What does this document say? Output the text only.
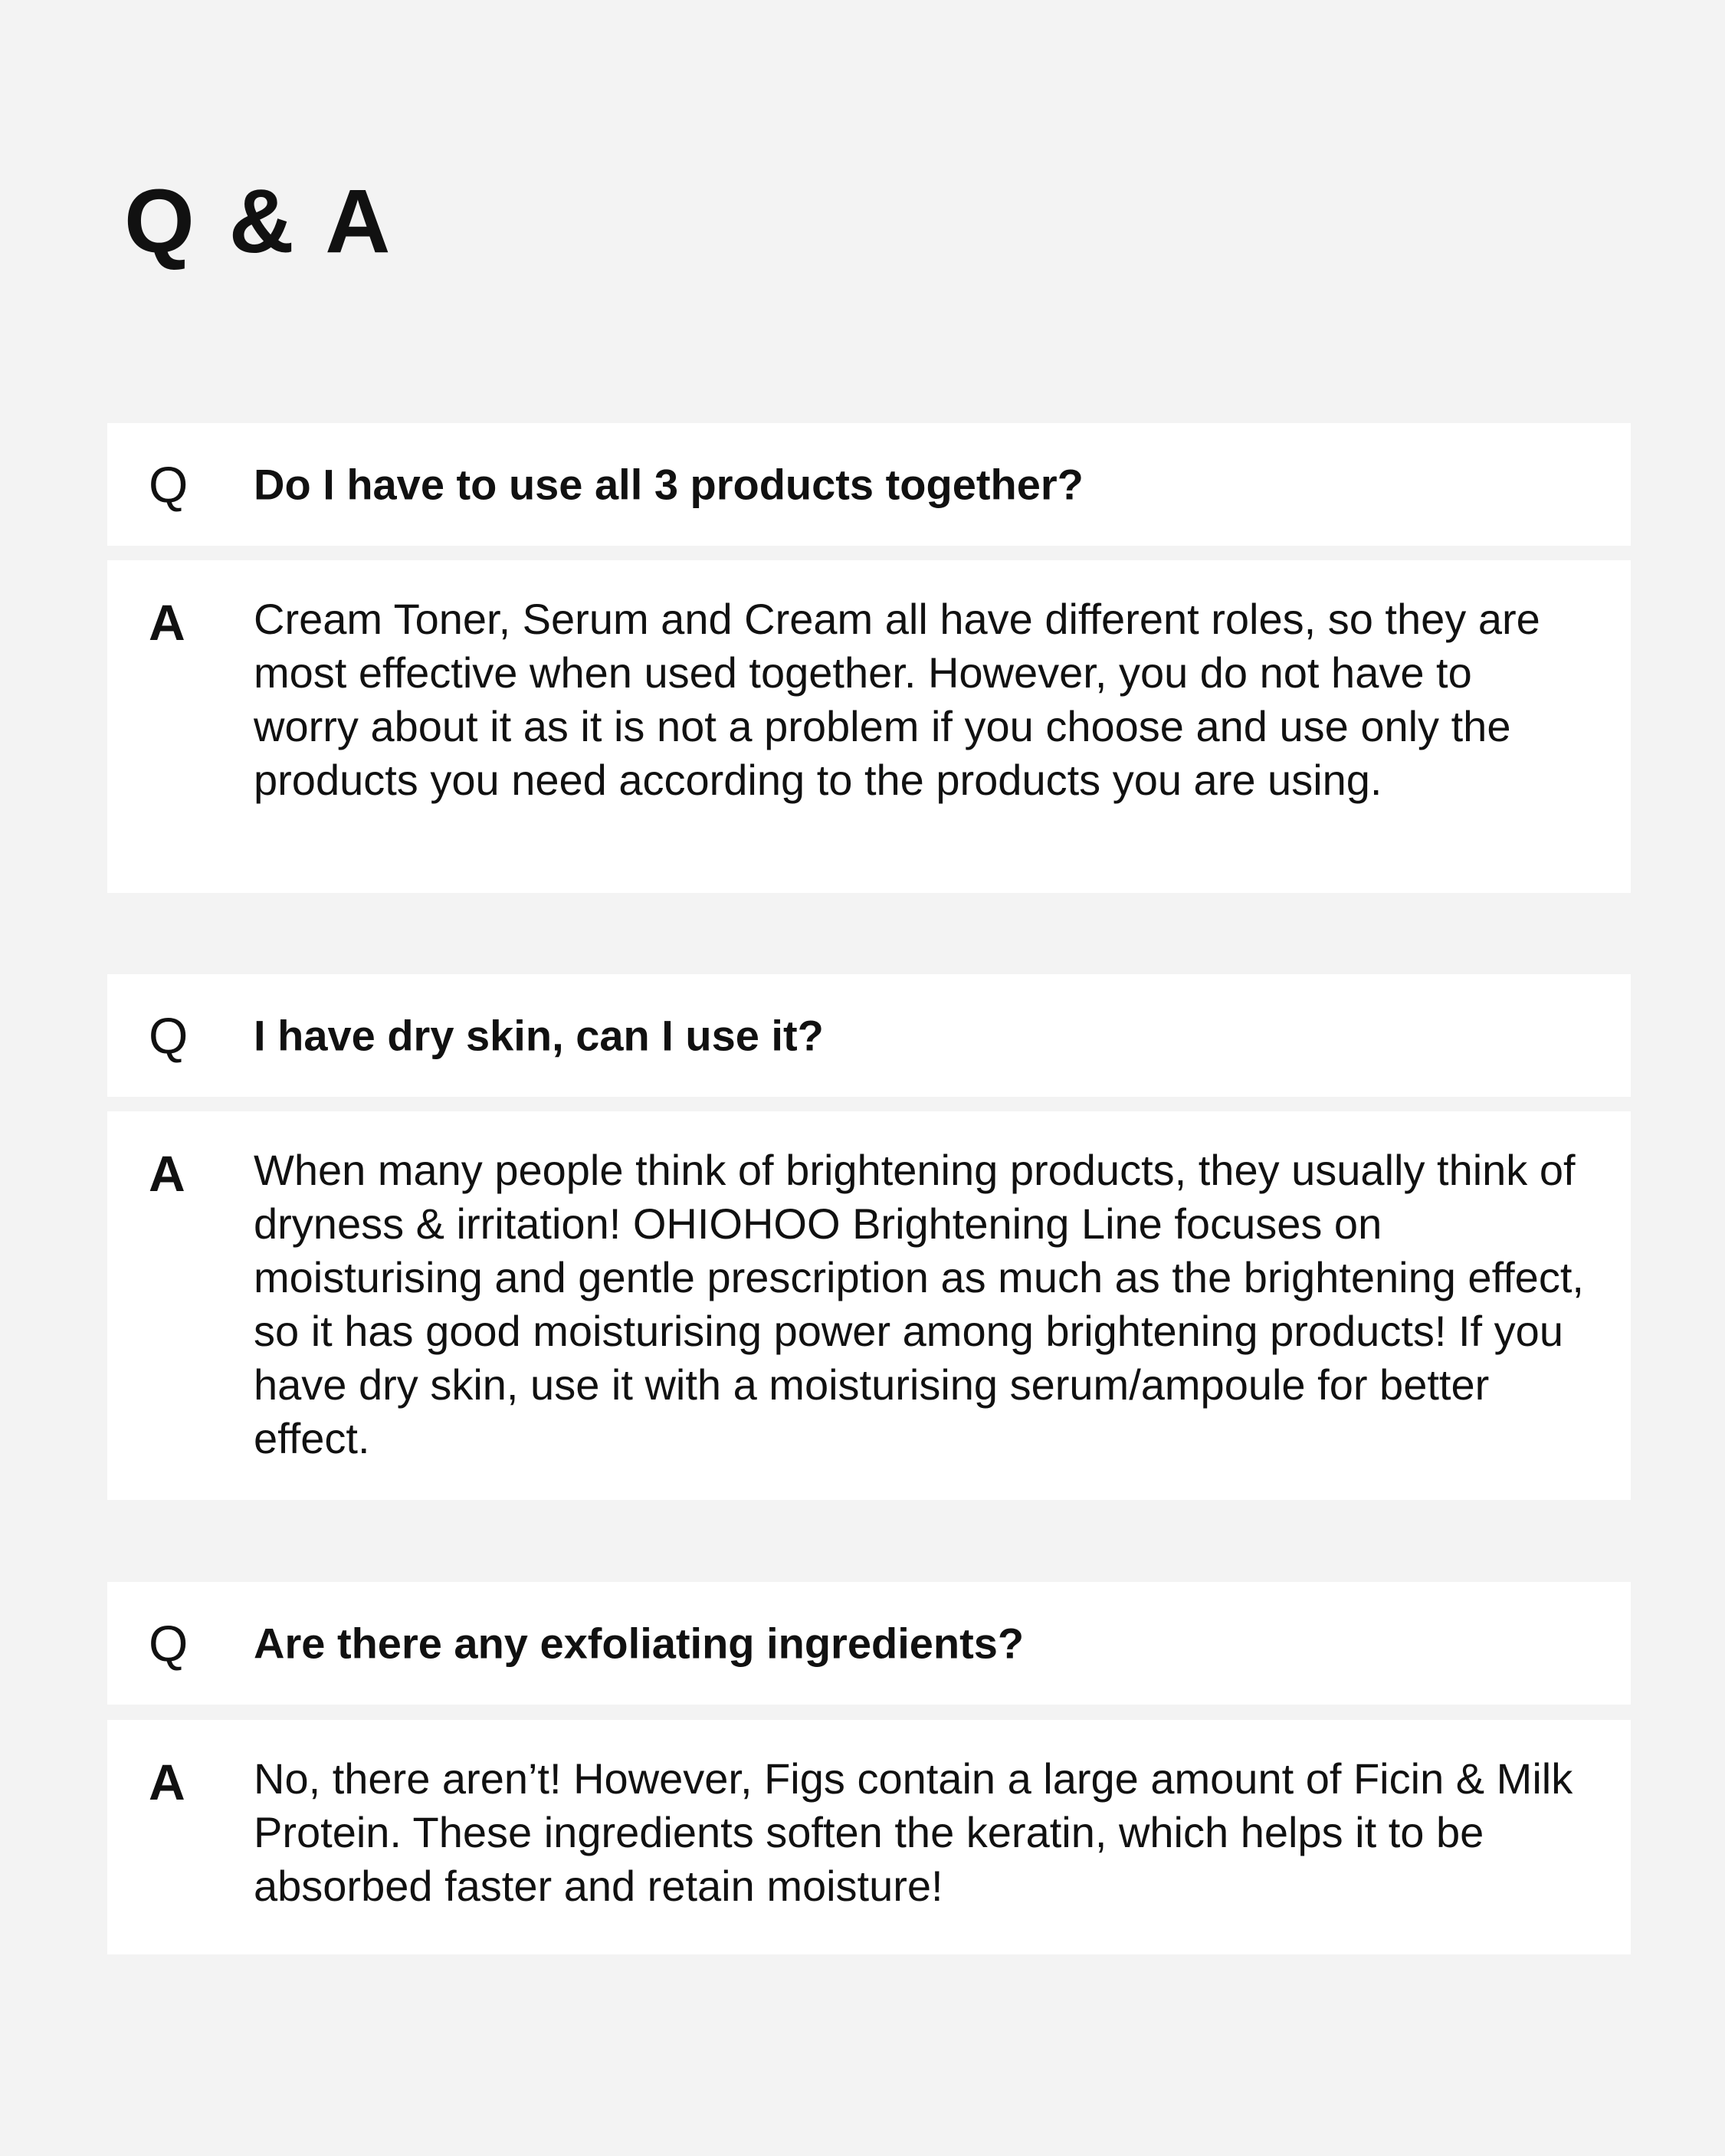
Q & A
Q Do I have to use all 3 products together?
A Cream Toner, Serum and Cream all have different roles, so they are most effective when used together. However, you do not have to worry about it as it is not a problem if you choose and use only the products you need according to the products you are using.

Q I have dry skin, can I use it?
A When many people think of brightening products, they usually think of dryness & irritation! OHIOHOO Brightening Line focuses on moisturising and gentle prescription as much as the brightening effect, so it has good moisturising power among brightening products! If you have dry skin, use it with a moisturising serum/ampoule for better effect.

Q Are there any exfoliating ingredients?
A No, there aren’t! However, Figs contain a large amount of Ficin & Milk Protein. These ingredients soften the keratin, which helps it to be absorbed faster and retain moisture!
